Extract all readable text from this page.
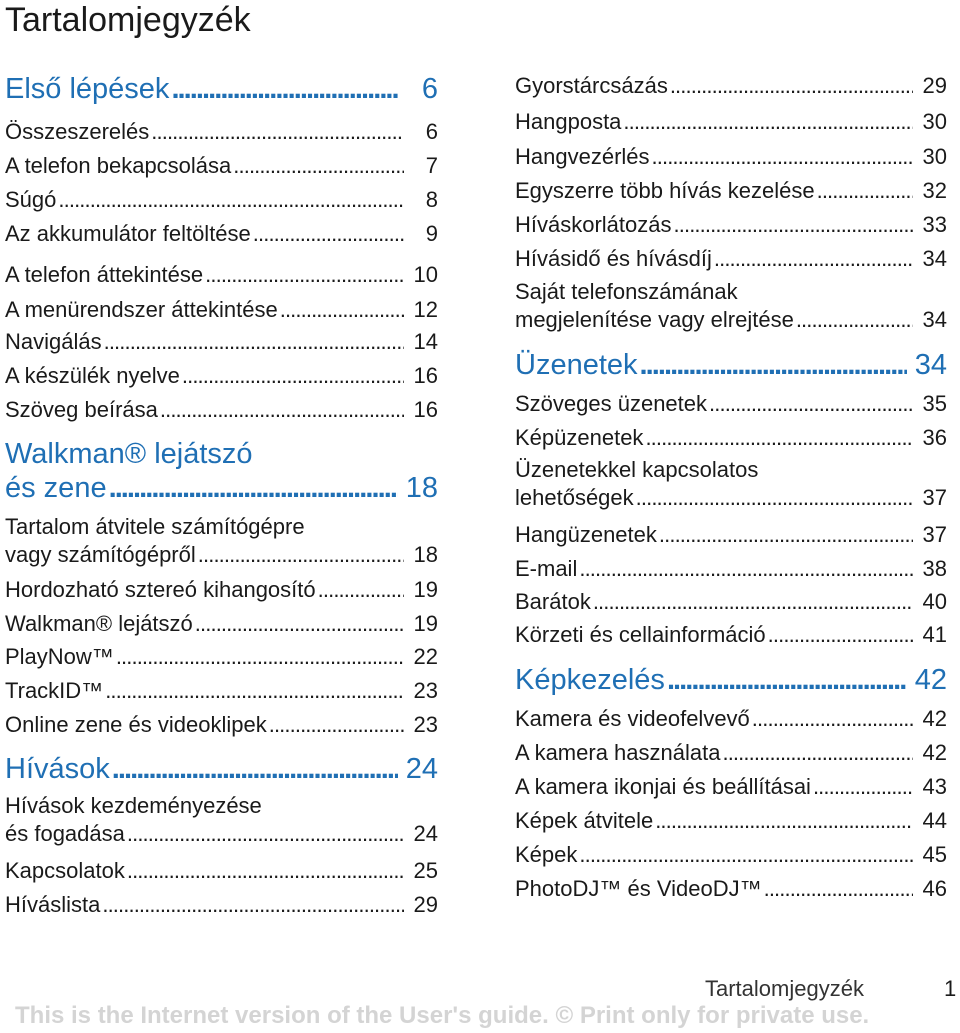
Tartalomjegyzék
Első lépések . . .	6
Összeszerelés . . .	6
A telefon bekapcsolása . . .	7
Súgó . . .	8
Az akkumulátor feltöltése . . .	9
A telefon áttekintése . . .	10
A menürendszer áttekintése . . .	12
Navigálás . . .	14
A készülék nyelve . . .	16
Szöveg beírása . . .	16
Walkman® lejátszó
és zene . . .	18
Tartalom átvitele számítógépre
vagy számítógépről . . .	18
Hordozható sztereó kihangosító . . .	19
Walkman® lejátszó . . .	19
PlayNow™ . . .	22
TrackID™ . . .	23
Online zene és videoklipek . . .	23
Hívások . . .	24
Hívások kezdeményezése
és fogadása . . .	24
Kapcsolatok . . .	25
Híváslista . . .	29
Gyorstárcsázás . . .	29
Hangposta . . .	30
Hangvezérlés . . .	30
Egyszerre több hívás kezelése . . .	32
Híváskorlátozás . . .	33
Hívásidő és hívásdíj . . .	34
Saját telefonszámának
megjelenítése vagy elrejtése . . .	34
Üzenetek . . .	34
Szöveges üzenetek . . .	35
Képüzenetek . . .	36
Üzenetekkel kapcsolatos
lehetőségek . . .	37
Hangüzenetek . . .	37
E-mail . . .	38
Barátok . . .	40
Körzeti és cellainformáció . . .	41
Képkezelés . . .	42
Kamera és videofelvevő . . .	42
A kamera használata . . .	42
A kamera ikonjai és beállításai . . .	43
Képek átvitele . . .	44
Képek . . .	45
PhotoDJ™ és VideoDJ™ . . .	46
Tartalomjegyzék	1
This is the Internet version of the User's guide. © Print only for private use.
